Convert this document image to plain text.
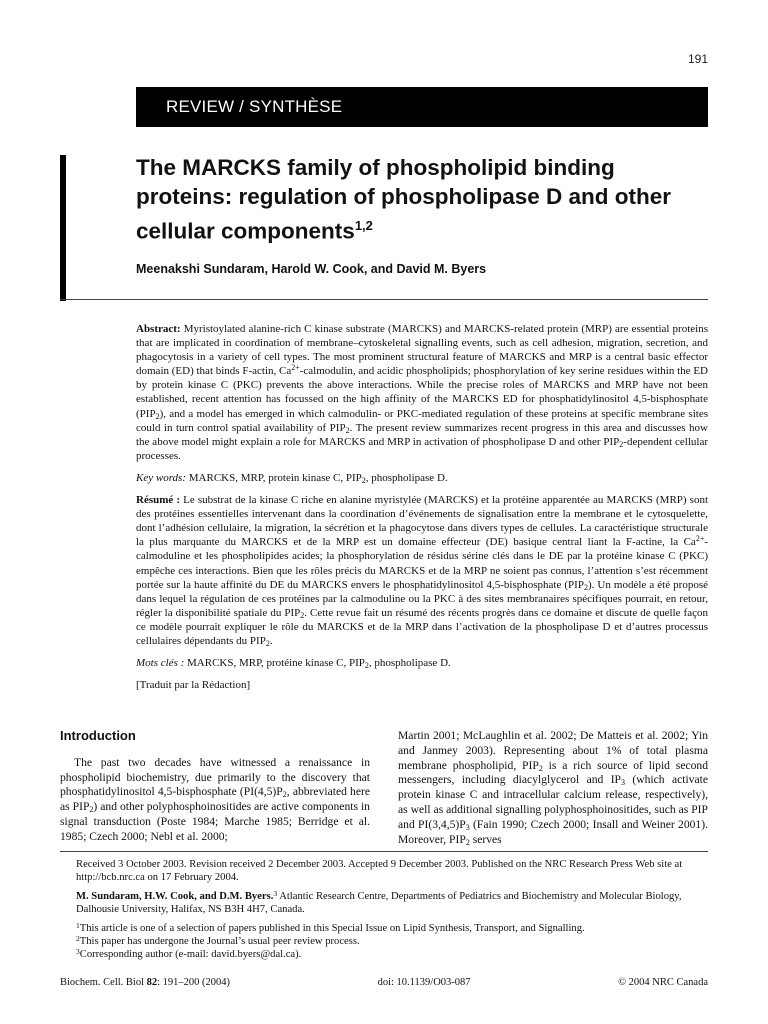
191
REVIEW / SYNTHÈSE
The MARCKS family of phospholipid binding
proteins: regulation of phospholipase D and other
cellular components$^{1,2}$
Meenakshi Sundaram, Harold W. Cook, and David M. Byers

Abstract: Myristoylated alanine-rich C kinase substrate (MARCKS) and MARCKS-related protein (MRP) are essential proteins that are implicated in coordination of membrane–cytoskeletal signalling events, such as cell adhesion, migration, secretion, and phagocytosis in a variety of cell types. The most prominent structural feature of MARCKS and MRP is a central basic effector domain (ED) that binds F-actin, $Ca^{2+}$-calmodulin, and acidic phospholipids; phosphorylation of key serine residues within the ED by protein kinase C (PKC) prevents the above interactions. While the precise roles of MARCKS and MRP have not been established, recent attention has focussed on the high affinity of the MARCKS ED for phosphatidylinositol 4,5-bisphosphate $(PIP_2)$, and a model has emerged in which calmodulin- or PKC-mediated regulation of these proteins at specific membrane sites could in turn control spatial availability of $PIP_2$. The present review summarizes recent progress in this area and discusses how the above model might explain a role for MARCKS and MRP in activation of phospholipase D and other $PIP_2$-dependent cellular processes.

Key words: MARCKS, MRP, protein kinase C, $PIP_2$, phospholipase D.

Résumé : Le substrat de la kinase C riche en alanine myristylée (MARCKS) et la protéine apparentée au MARCKS (MRP) sont des protéines essentielles intervenant dans la coordination d’événements de signalisation entre la membrane et le cytosquelette, dont l’adhésion cellulaire, la migration, la sécrétion et la phagocytose dans divers types de cellules. La caractéristique structurale la plus marquante du MARCKS et de la MRP est un domaine effecteur (DE) basique central liant la F-actine, la $Ca^{2+}$-calmoduline et les phospholipides acides; la phosphorylation de résidus sérine clés dans le DE par la protéine kinase C (PKC) empêche ces interactions. Bien que les rôles précis du MARCKS et de la MRP ne soient pas connus, l’attention s’est récemment portée sur la haute affinité du DE du MARCKS envers le phosphatidylinositol 4,5-bisphosphate $(PIP_2)$. Un modèle a été proposé dans lequel la régulation de ces protéines par la calmoduline ou la PKC à des sites membranaires spécifiques pourrait, en retour, régler la disponibilité spatiale du $PIP_2$. Cette revue fait un résumé des récents progrès dans ce domaine et discute de quelle façon ce modèle pourrait expliquer le rôle du MARCKS et de la MRP dans l’activation de la phospholipase D et d’autres processus cellulaires dépendants du $PIP_2$.

Mots clés : MARCKS, MRP, protéine kinase C, $PIP_2$, phospholipase D.

[Traduit par la Rédaction]

Introduction

The past two decades have witnessed a renaissance in phospholipid biochemistry, due primarily to the discovery that phosphatidylinositol 4,5-bisphosphate ($PI(4,5)P_2$, abbreviated here as $PIP_2$) and other polyphosphoinositides are active components in signal transduction (Poste 1984; Marche 1985; Berridge et al. 1985; Czech 2000; Nebl et al. 2000;

Martin 2001; McLaughlin et al. 2002; De Matteis et al. 2002; Yin and Janmey 2003). Representing about 1% of total plasma membrane phospholipid, $PIP_2$ is a rich source of lipid second messengers, including diacylglycerol and $IP_3$ (which activate protein kinase C and intracellular calcium release, respectively), as well as additional signalling polyphosphoinositides, such as PIP and $PI(3,4,5)P_3$ (Fain 1990; Czech 2000; Insall and Weiner 2001). Moreover, $PIP_2$ serves

Received 3 October 2003. Revision received 2 December 2003. Accepted 9 December 2003. Published on the NRC Research Press Web site at http://bcb.nrc.ca on 17 February 2004.

M. Sundaram, H.W. Cook, and D.M. Byers.$^3$ Atlantic Research Centre, Departments of Pediatrics and Biochemistry and Molecular Biology, Dalhousie University, Halifax, NS B3H 4H7, Canada.

$^1$This article is one of a selection of papers published in this Special Issue on Lipid Synthesis, Transport, and Signalling.

$^2$This paper has undergone the Journal’s usual peer review process.

$^3$Corresponding author (e-mail: david.byers@dal.ca).

Biochem. Cell. Biol 82: 191–200 (2004)	doi: 10.1139/O03-087	© 2004 NRC Canada
